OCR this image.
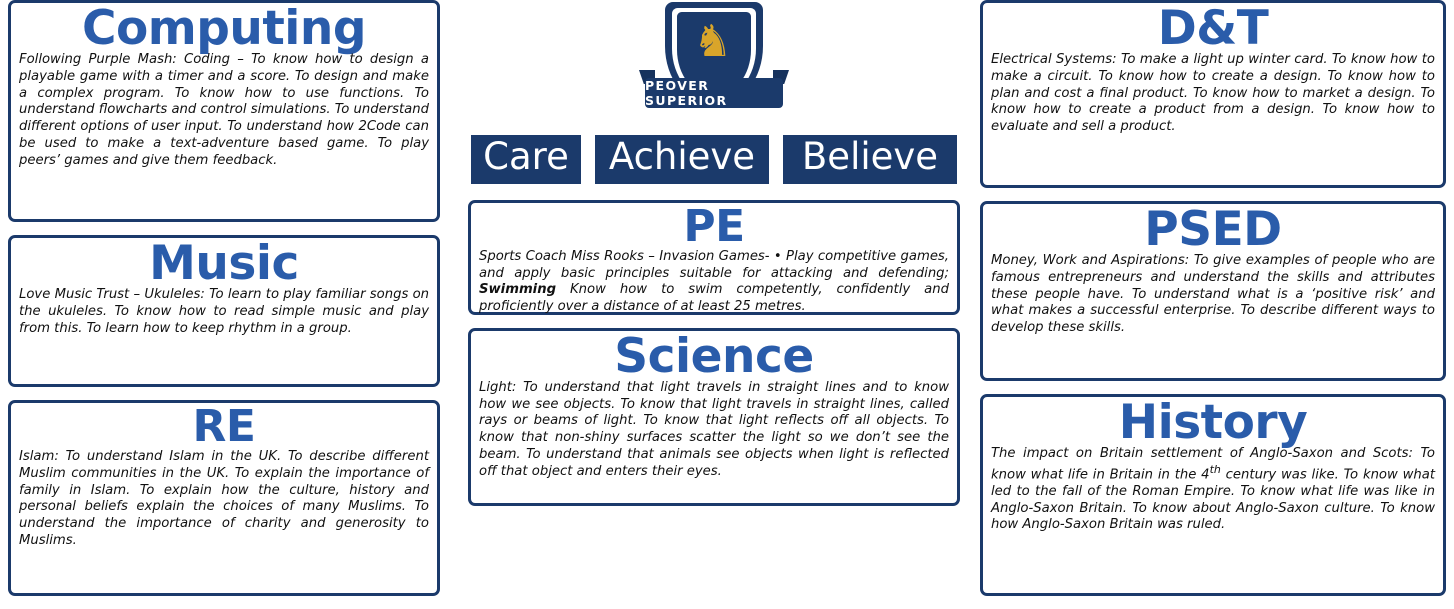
Computing
Following Purple Mash: Coding – To know how to design a playable game with a timer and a score. To design and make a complex program. To know how to use functions. To understand flowcharts and control simulations. To understand different options of user input. To understand how 2Code can be used to make a text-adventure based game. To play peers’ games and give them feedback.
Music
Love Music Trust – Ukuleles: To learn to play familiar songs on the ukuleles. To know how to read simple music and play from this. To learn how to keep rhythm in a group.
RE
Islam: To understand Islam in the UK. To describe different Muslim communities in the UK. To explain the importance of family in Islam. To explain how the culture, history and personal beliefs explain the choices of many Muslims. To understand the importance of charity and generosity to Muslims.
♞
PEOVER SUPERIOR
Care	Achieve	Believe
PE
Sports Coach Miss Rooks – Invasion Games- • Play competitive games, and apply basic principles suitable for attacking and defending; Swimming Know how to swim competently, confidently and proficiently over a distance of at least 25 metres.
Science
Light: To understand that light travels in straight lines and to know how we see objects. To know that light travels in straight lines, called rays or beams of light. To know that light reflects off all objects. To know that non-shiny surfaces scatter the light so we don’t see the beam. To understand that animals see objects when light is reflected off that object and enters their eyes.
D&T
Electrical Systems: To make a light up winter card. To know how to make a circuit. To know how to create a design. To know how to plan and cost a final product. To know how to market a design. To know how to create a product from a design. To know how to evaluate and sell a product.
PSED
Money, Work and Aspirations: To give examples of people who are famous entrepreneurs and understand the skills and attributes these people have. To understand what is a ‘positive risk’ and what makes a successful enterprise. To describe different ways to develop these skills.
History
The impact on Britain settlement of Anglo-Saxon and Scots: To know what life in Britain in the 4th century was like. To know what led to the fall of the Roman Empire. To know what life was like in Anglo-Saxon Britain. To know about Anglo-Saxon culture. To know how Anglo-Saxon Britain was ruled.
